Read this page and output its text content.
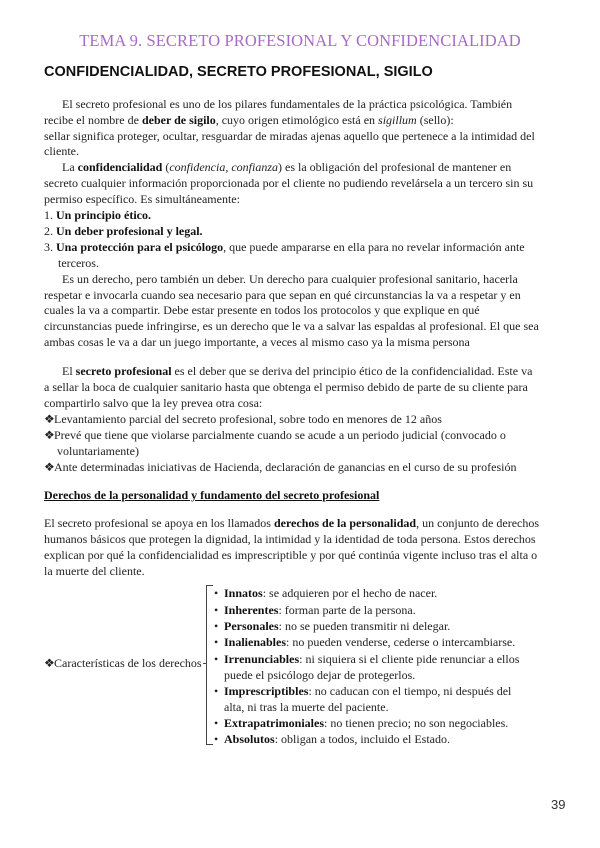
TEMA 9. SECRETO PROFESIONAL Y CONFIDENCIALIDAD
CONFIDENCIALIDAD, SECRETO PROFESIONAL, SIGILO
El secreto profesional es uno de los pilares fundamentales de la práctica psicológica. También
recibe el nombre de deber de sigilo, cuyo origen etimológico está en sigillum (sello):
sellar significa proteger, ocultar, resguardar de miradas ajenas aquello que pertenece a la intimidad del
cliente.
La confidencialidad (confidencia, confianza) es la obligación del profesional de mantener en
secreto cualquier información proporcionada por el cliente no pudiendo revelársela a un tercero sin su
permiso específico. Es simultáneamente:
1. Un principio ético.
2. Un deber profesional y legal.
3. Una protección para el psicólogo, que puede ampararse en ella para no revelar información ante
terceros.
Es un derecho, pero también un deber. Un derecho para cualquier profesional sanitario, hacerla
respetar e invocarla cuando sea necesario para que sepan en qué circunstancias la va a respetar y en
cuales la va a compartir. Debe estar presente en todos los protocolos y que explique en qué
circunstancias puede infringirse, es un derecho que le va a salvar las espaldas al profesional. El que sea
ambas cosas le va a dar un juego importante, a veces al mismo caso ya la misma persona
El secreto profesional es el deber que se deriva del principio ético de la confidencialidad. Este va
a sellar la boca de cualquier sanitario hasta que obtenga el permiso debido de parte de su cliente para
compartirlo salvo que la ley prevea otra cosa:
❖Levantamiento parcial del secreto profesional, sobre todo en menores de 12 años
❖Prevé que tiene que violarse parcialmente cuando se acude a un periodo judicial (convocado o
voluntariamente)
❖Ante determinadas iniciativas de Hacienda, declaración de ganancias en el curso de su profesión
Derechos de la personalidad y fundamento del secreto profesional
El secreto profesional se apoya en los llamados derechos de la personalidad, un conjunto de derechos
humanos básicos que protegen la dignidad, la intimidad y la identidad de toda persona. Estos derechos
explican por qué la confidencialidad es imprescriptible y por qué continúa vigente incluso tras el alta o
la muerte del cliente.
❖Características de los derechos
• Innatos: se adquieren por el hecho de nacer.
• Inherentes: forman parte de la persona.
• Personales: no se pueden transmitir ni delegar.
• Inalienables: no pueden venderse, cederse o intercambiarse.
• Irrenunciables: ni siquiera si el cliente pide renunciar a ellos
puede el psicólogo dejar de protegerlos.
• Imprescriptibles: no caducan con el tiempo, ni después del
alta, ni tras la muerte del paciente.
• Extrapatrimoniales: no tienen precio; no son negociables.
• Absolutos: obligan a todos, incluido el Estado.
39
